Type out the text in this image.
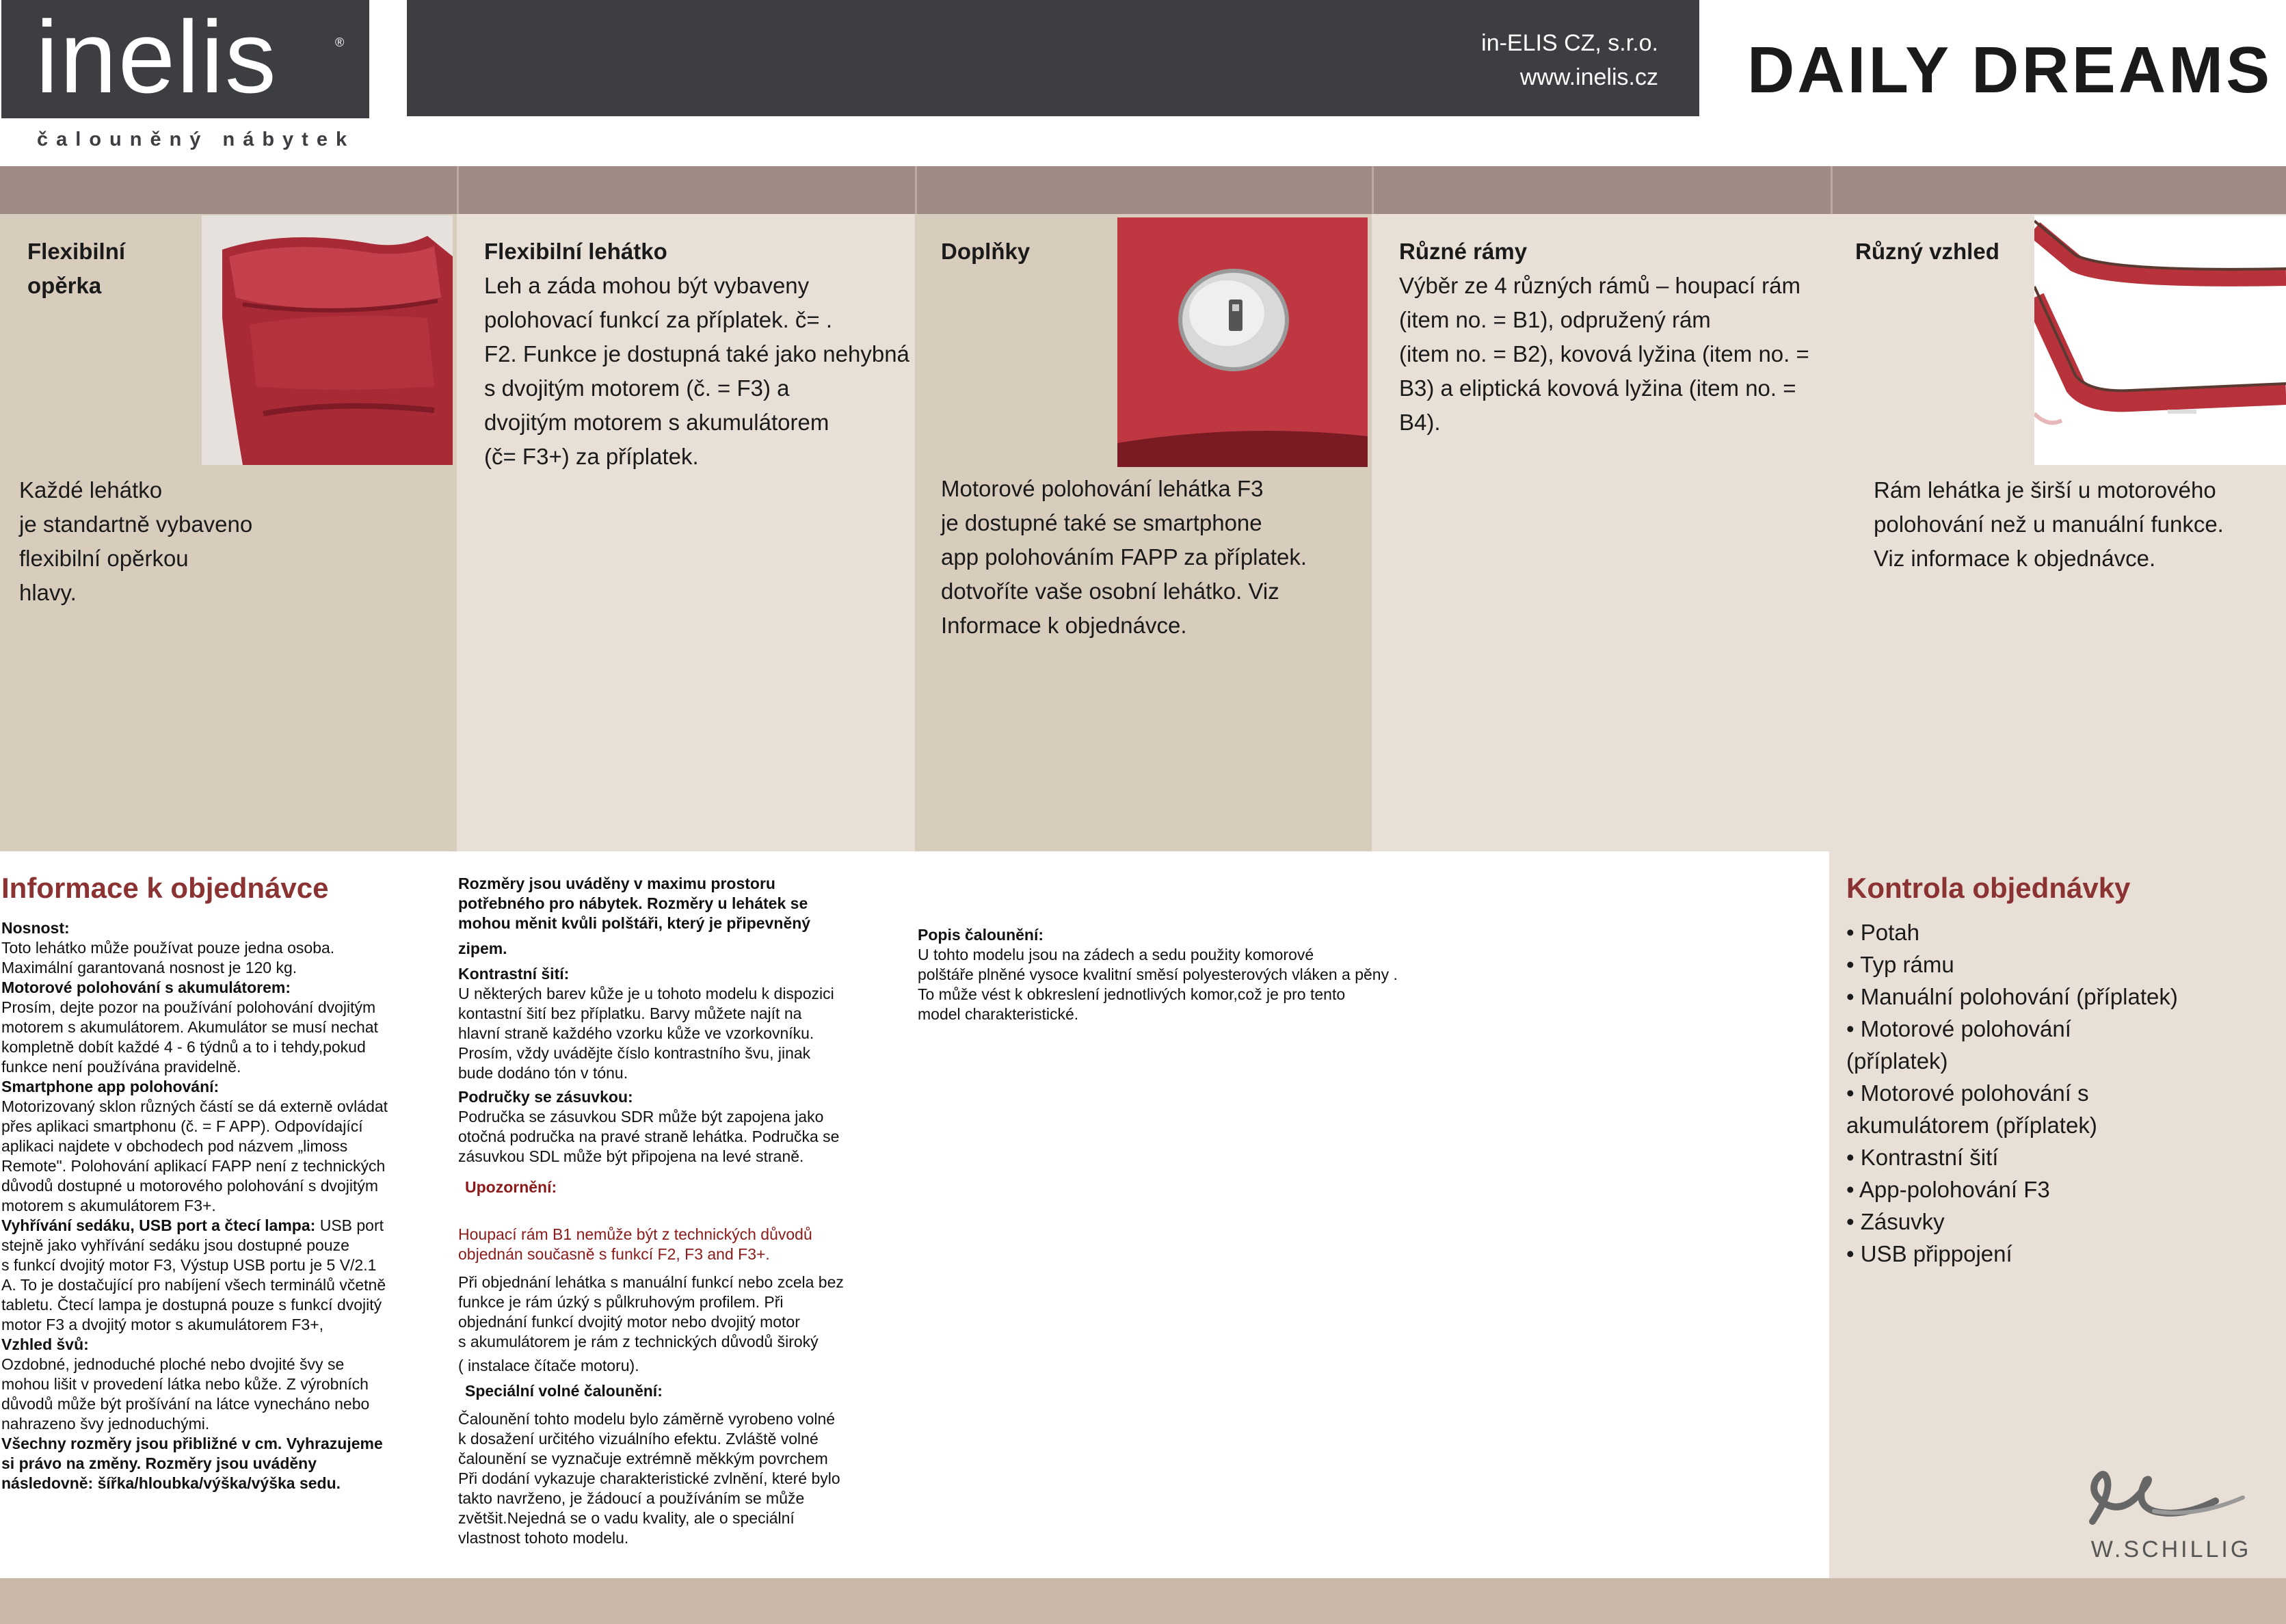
inelis	®
čalouněný nábytek
in-ELIS CZ, s.r.o.
www.inelis.cz DAILY DREAMS
Flexibilní
opěrka
Každé lehátko
je standartně vybaveno
flexibilní opěrkou
hlavy.
Flexibilní lehátko
Leh a záda mohou být vybaveny
polohovací funkcí za příplatek. č= .
F2. Funkce je dostupná také jako nehybná
s dvojitým motorem (č. = F3) a
dvojitým motorem s akumulátorem
(č= F3+) za příplatek.
Doplňky
Motorové polohování lehátka F3
je dostupné také se smartphone
app polohováním FAPP za příplatek.
dotvoříte vaše osobní lehátko. Viz
Informace k objednávce.
Různé rámy
Výběr ze 4 různých rámů – houpací rám
(item no. = B1), odpružený rám
(item no. = B2), kovová lyžina (item no. =
B3) a eliptická kovová lyžina (item no. =
B4).
Různý vzhled
Rám lehátka je širší u motorového
polohování než u manuální funkce.
Viz informace k objednávce.
Informace k objednávce
Nosnost:
Toto lehátko může používat pouze jedna osoba.
Maximální garantovaná nosnost je 120 kg.
Motorové polohování s akumulátorem:
Prosím, dejte pozor na používání polohování dvojitým
motorem s akumulátorem. Akumulátor se musí nechat
kompletně dobít každé 4 - 6 týdnů a to i tehdy,pokud
funkce není používána pravidelně.
Smartphone app polohování:
Motorizovaný sklon různých částí se dá externě ovládat
přes aplikaci smartphonu (č. = F APP). Odpovídající
aplikaci najdete v obchodech pod názvem „limoss
Remote". Polohování aplikací FAPP není z technických
důvodů dostupné u motorového polohování s dvojitým
motorem s akumulátorem F3+.
Vyhřívání sedáku, USB port a čtecí lampa: USB port
stejně jako vyhřívání sedáku jsou dostupné pouze
s funkcí dvojitý motor F3, Výstup USB portu je 5 V/2.1
A. To je dostačující pro nabíjení všech terminálů včetně
tabletu. Čtecí lampa je dostupná pouze s funkcí dvojitý
motor F3 a dvojitý motor s akumulátorem F3+,
Vzhled švů:
Ozdobné, jednoduché ploché nebo dvojité švy se
mohou lišit v provedení látka nebo kůže. Z výrobních
důvodů může být prošívání na látce vynecháno nebo
nahrazeno švy jednoduchými.
Všechny rozměry jsou přibližné v cm. Vyhrazujeme
si právo na změny. Rozměry jsou uváděny
následovně: šířka/hloubka/výška/výška sedu.
Rozměry jsou uváděny v maximu prostoru
potřebného pro nábytek. Rozměry u lehátek se
mohou měnit kvůli polštáři, který je připevněný
zipem.
Kontrastní šití:
U některých barev kůže je u tohoto modelu k dispozici
kontastní šití bez příplatku. Barvy můžete najít na
hlavní straně každého vzorku kůže ve vzorkovníku.
Prosím, vždy uvádějte číslo kontrastního švu, jinak
bude dodáno tón v tónu.
Područky se zásuvkou:
Područka se zásuvkou SDR může být zapojena jako
otočná područka na pravé straně lehátka. Područka se
zásuvkou SDL může být připojena na levé straně.
Upozornění:
Houpací rám B1 nemůže být z technických důvodů
objednán současně s funkcí F2, F3 and F3+.
Při objednání lehátka s manuální funkcí nebo zcela bez
funkce je rám úzký s půlkruhovým profilem. Při
objednání funkcí dvojitý motor nebo dvojitý motor
s akumulátorem je rám z technických důvodů široký
( instalace čítače motoru).
Speciální volné čalounění:
Čalounění tohto modelu bylo záměrně vyrobeno volné
k dosažení určitého vizuálního efektu. Zvláště volné
čalounění se vyznačuje extrémně měkkým povrchem
Při dodání vykazuje charakteristické zvlnění, které bylo
takto navrženo, je žádoucí a používáním se může
zvětšit.Nejedná se o vadu kvality, ale o speciální
vlastnost tohoto modelu.
Popis čalounění:
U tohto modelu jsou na zádech a sedu použity komorové
polštáře plněné vysoce kvalitní směsí polyesterových vláken a pěny .
To může vést k obkreslení jednotlivých komor,což je pro tento
model charakteristické.
Kontrola objednávky
• Potah
• Typ rámu
• Manuální polohování (příplatek)
• Motorové polohování
(příplatek)
• Motorové polohování s
akumulátorem (příplatek)
• Kontrastní šití
• App-polohování F3
• Zásuvky
• USB přippojení
W.SCHILLIG
